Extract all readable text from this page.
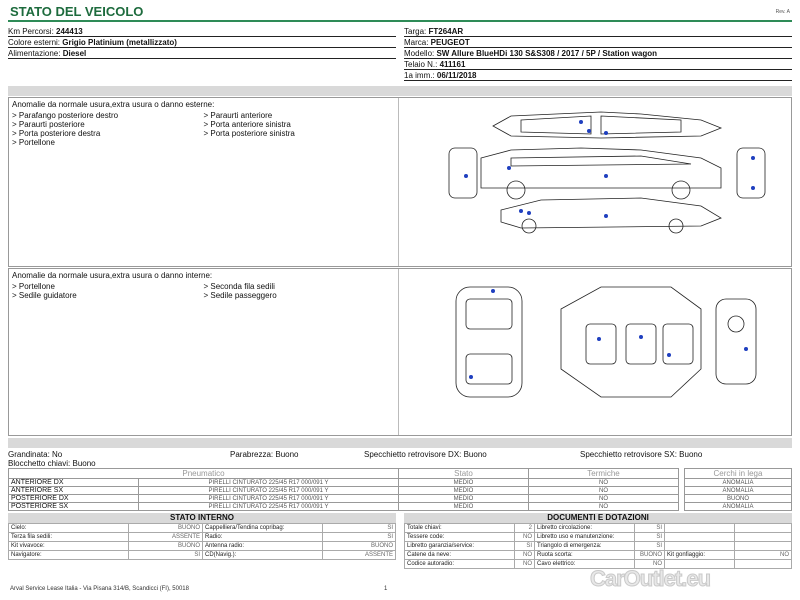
STATO DEL VEICOLO	Rev. A
Km Percorsi: 244413
Colore esterni: Grigio Platinium (metallizzato)
Alimentazione: Diesel
Targa: FT264AR
Marca: PEUGEOT
Modello: SW Allure BlueHDi 130 S&S308 / 2017 / 5P / Station wagon
Telaio N.: 411161
1a imm.: 06/11/2018
Anomalie da normale usura,extra usura o danno esterne:
> Parafango posteriore destro
> Paraurti posteriore
> Porta posteriore destra
> Portellone
> Paraurti anteriore
> Porta anteriore sinistra
> Porta posteriore sinistra
Anomalie da normale usura,extra usura o danno interne:
> Portellone
> Sedile guidatore
> Seconda fila sedili
> Sedile passeggero
Grandinata: No	Parabrezza: Buono	Specchietto retrovisore DX: Buono	Specchietto retrovisore SX: Buono
Blocchetto chiavi: Buono
Pneumatico		Stato	Termiche		Cerchi in lega
ANTERIORE DX	PIRELLI CINTURATO 225/45 R17 000/091 Y	MEDIO	NO		ANOMALIA
ANTERIORE SX	PIRELLI CINTURATO 225/45 R17 000/091 Y	MEDIO	NO		ANOMALIA
POSTERIORE DX	PIRELLI CINTURATO 225/45 R17 000/091 Y	MEDIO	NO		BUONO
POSTERIORE SX	PIRELLI CINTURATO 225/45 R17 000/091 Y	MEDIO	NO		ANOMALIA
STATO INTERNO
Cielo:	BUONO	Cappelliera/Tendina copribag:	SI
Terza fila sedili:	ASSENTE	Radio:	SI
Kit vivavoce:	BUONO	Antenna radio:	BUONO
Navigatore:	SI	CD(Navig.):	ASSENTE
DOCUMENTI E DOTAZIONI
Totale chiavi:	2	Libretto circolazione:	SI		
Tessere code:	NO	Libretto uso e manutenzione:	SI		
Libretto garanzia/service:	SI	Triangolo di emergenza:	SI		
Catene da neve:	NO	Ruota scorta:	BUONO	Kit gonfiaggio:	NO
Codice autoradio:	NO	Cavo elettrico:	NO		
Arval Service Lease Italia - Via Pisana 314/B, Scandicci (FI), 50018	1	CarOutlet.eu
